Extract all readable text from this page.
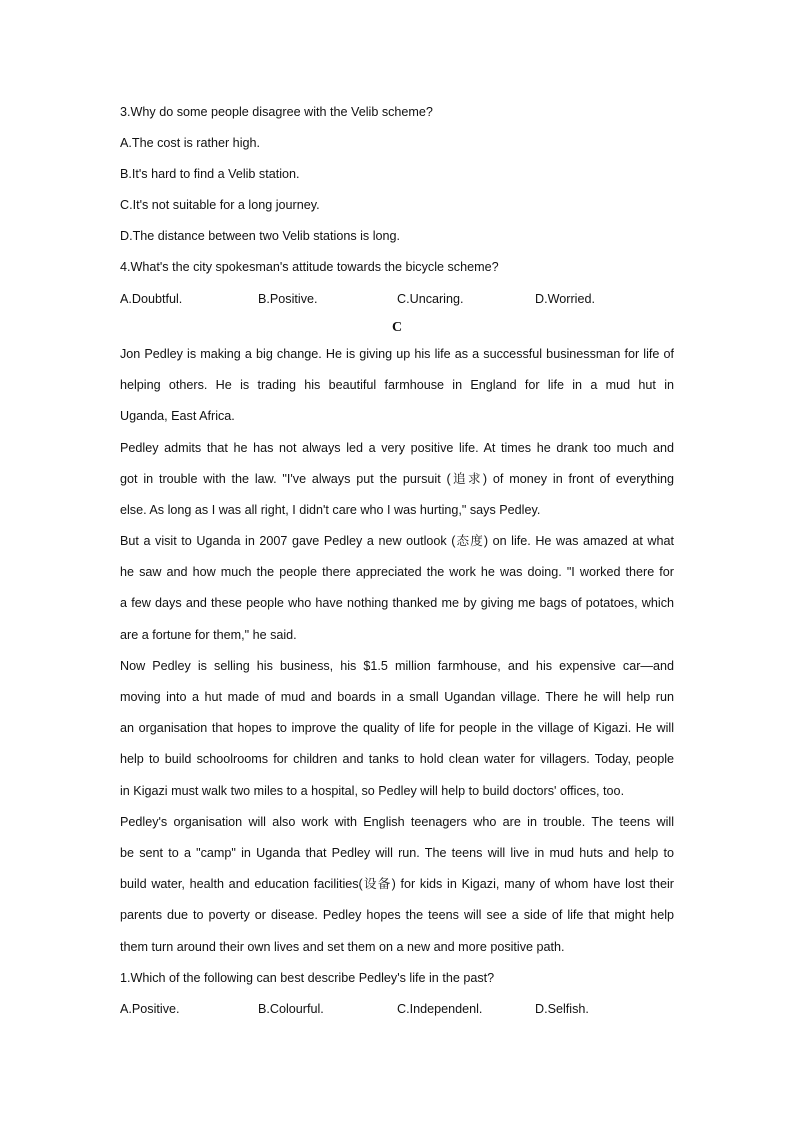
3.Why do some people disagree with the Velib scheme?
A.The cost is rather high.
B.It's hard to find a Velib station.
C.It's not suitable for a long journey.
D.The distance between two Velib stations is long.
4.What's the city spokesman's attitude towards the bicycle scheme?
A.Doubtful.	B.Positive.	C.Uncaring.	D.Worried.
C
Jon Pedley is making a big change. He is giving up his life as a successful businessman for life of
helping others. He is trading his beautiful farmhouse in England for life in a mud hut in
Uganda, East Africa.
Pedley admits that he has not always led a very positive life. At times he drank too much and
got in trouble with the law. "I've always put the pursuit (追求) of money in front of everything
else. As long as I was all right, I didn't care who I was hurting," says Pedley.
But a visit to Uganda in 2007 gave Pedley a new outlook (态度) on life. He was amazed at what
he saw and how much the people there appreciated the work he was doing. "I worked there for
a few days and these people who have nothing thanked me by giving me bags of potatoes, which
are a fortune for them," he said.
Now Pedley is selling his business, his $1.5 million farmhouse, and his expensive car—and
moving into a hut made of mud and boards in a small Ugandan village. There he will help run
an organisation that hopes to improve the quality of life for people in the village of Kigazi. He will
help to build schoolrooms for children and tanks to hold clean water for villagers. Today, people
in Kigazi must walk two miles to a hospital, so Pedley will help to build doctors' offices, too.
Pedley's organisation will also work with English teenagers who are in trouble. The teens will
be sent to a "camp" in Uganda that Pedley will run. The teens will live in mud huts and help to
build water, health and education facilities(设备) for kids in Kigazi, many of whom have lost their
parents due to poverty or disease. Pedley hopes the teens will see a side of life that might help
them turn around their own lives and set them on a new and more positive path.
1.Which of the following can best describe Pedley's life in the past?
A.Positive.	B.Colourful.	C.Independenl.	D.Selfish.
